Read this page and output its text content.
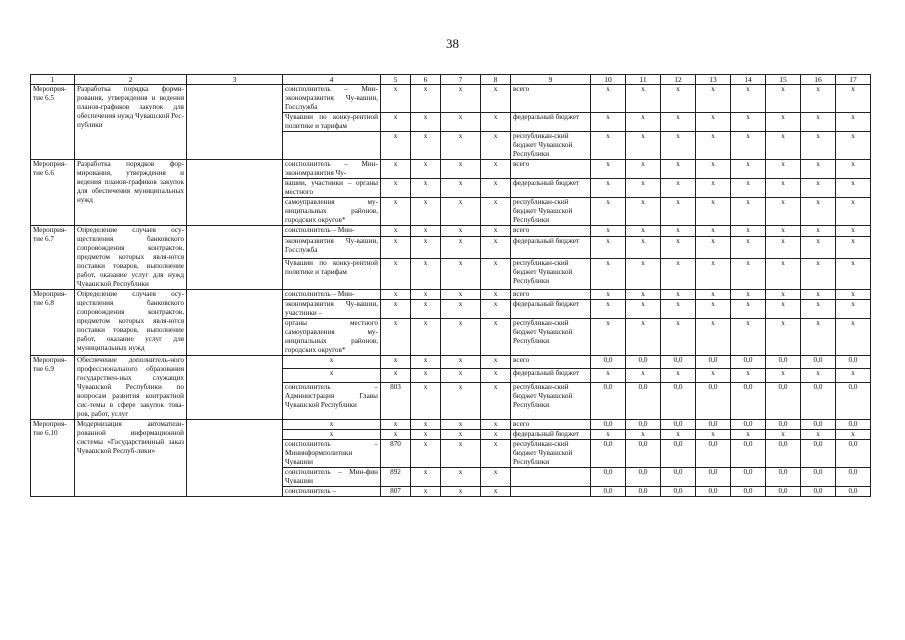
38
1	2	3	4	5	6	7	8	9	10	11	12	13	14	15	16	17
Мероприя-тие 6.5	Разработка порядка форми-рования, утверждения и ведения планов-графиков закупок для обеспечения нужд Чувашской Рес-публики		соисполнитель – Мин-экономразвития Чу-вашии, Госслужба	x	x	x	x	всего	x	x	x	x	x	x	x	x
			Чувашии по конку-рентной политике и тарифам	x	x	x	x	федеральный бюджет	x	x	x	x	x	x	x	x
				x	x	x	x	республикан-ский бюджет Чувашской Республики	x	x	x	x	x	x	x	x
Мероприя-тие 6.6	Разработка порядков фор-мирования, утверждения и ведения планов-графиков закупок для обеспечения муниципальных нужд		соисполнитель – Мин-экономразвития Чу-	x	x	x	x	всего	x	x	x	x	x	x	x	x
			вашии, участники – органы местного	x	x	x	x	федеральный бюджет	x	x	x	x	x	x	x	x
			самоуправления му-ниципальных районов, городских округов*	x	x	x	x	республикан-ский бюджет Чувашской Республики	x	x	x	x	x	x	x	x
Мероприя-тие 6.7	Определение случаев осу-ществления банковского сопровождения контрактов, предметом которых явля-ются поставки товаров, выполнение работ, оказание услуг для нужд Чувашской Республики		соисполнитель – Мин-	x	x	x	x	всего	x	x	x	x	x	x	x	x
			экономразвития Чу-вашии, Госслужба	x	x	x	x	федеральный бюджет	x	x	x	x	x	x	x	x
			Чувашии по конку-рентной политике и тарифам	x	x	x	x	республикан-ский бюджет Чувашской Республики	x	x	x	x	x	x	x	x
Мероприя-тие 6.8	Определение случаев осу-ществления банковского сопровождения контрактов, предметом которых явля-ются поставки товаров, выполнение работ, оказание услуг для муниципальных нужд		соисполнитель – Мин-	x	x	x	x	всего	x	x	x	x	x	x	x	x
			экономразвития Чу-вашии, участники –	x	x	x	x	федеральный бюджет	x	x	x	x	x	x	x	x
			органы местного самоуправления му-ниципальных районов, городских округов*	x	x	x	x	республикан-ский бюджет Чувашской Республики	x	x	x	x	x	x	x	x
Мероприя-тие 6.9	Обеспечение дополнитель-ного профессионального образования государствен-ных служащих Чувашской Республики по вопросам развития контрактной сис-темы в сфере закупок това-ров, работ, услуг		x	x	x	x	x	всего	0,0	0,0	0,0	0,0	0,0	0,0	0,0	0,0
			x	x	x	x	x	федеральный бюджет	x	x	x	x	x	x	x	x
			соисполнитель – Администрация Главы Чувашской Республики	803	x	x	x	республикан-ский бюджет Чувашской Республики	0,0	0,0	0,0	0,0	0,0	0,0	0,0	0,0
Мероприя-тие 6.10	Модернизация автоматизи-рованной информационной системы «Государственный заказ Чувашской Респуб-лики»		x	x	x	x	x	всего	0,0	0,0	0,0	0,0	0,0	0,0	0,0	0,0
			x	x	x	x	x	федеральный бюджет	x	x	x	x	x	x	x	x
			соисполнитель – Мининформполитики Чувашии	870	x	x	x	республикан-ский бюджет Чувашской Республики	0,0	0,0	0,0	0,0	0,0	0,0	0,0	0,0
			соисполнитель – Мин-фин Чувашии	892	x	x	x		0,0	0,0	0,0	0,0	0,0	0,0	0,0	0,0
			соисполнитель –	807	x	x	x		0,0	0,0	0,0	0,0	0,0	0,0	0,0	0,0
